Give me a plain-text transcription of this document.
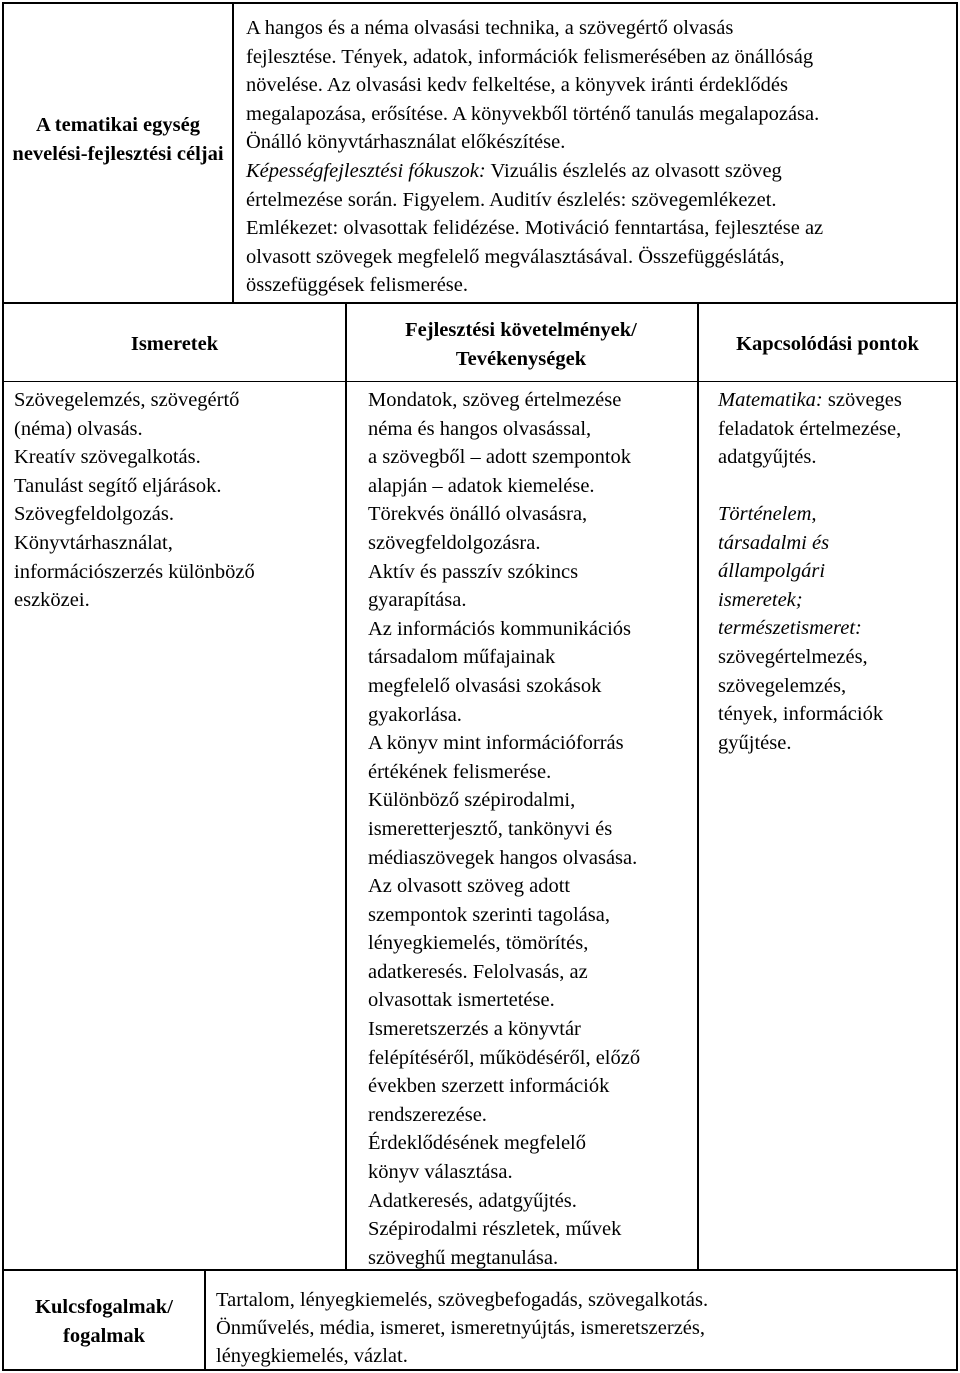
A tematikai egység nevelési-fejlesztési céljai
A hangos és a néma olvasási technika, a szövegértő olvasás
fejlesztése. Tények, adatok, információk felismerésében az önállóság
növelése. Az olvasási kedv felkeltése, a könyvek iránti érdeklődés
megalapozása, erősítése. A könyvekből történő tanulás megalapozása.
Önálló könyvtárhasználat előkészítése.
Képességfejlesztési fókuszok: Vizuális észlelés az olvasott szöveg
értelmezése során. Figyelem. Auditív észlelés: szövegemlékezet.
Emlékezet: olvasottak felidézése. Motiváció fenntartása, fejlesztése az
olvasott szövegek megfelelő megválasztásával. Összefüggéslátás,
összefüggések felismerése.
Ismeretek
Fejlesztési követelmények/ Tevékenységek
Kapcsolódási pontok
Szövegelemzés, szövegértő
(néma) olvasás.
Kreatív szövegalkotás.
Tanulást segítő eljárások.
Szövegfeldolgozás.
Könyvtárhasználat,
információszerzés különböző
eszközei.
Mondatok, szöveg értelmezése
néma és hangos olvasással,
a szövegből – adott szempontok
alapján – adatok kiemelése.
Törekvés önálló olvasásra,
szövegfeldolgozásra.
Aktív és passzív szókincs
gyarapítása.
Az információs kommunikációs
társadalom műfajainak
megfelelő olvasási szokások
gyakorlása.
A könyv mint információforrás
értékének felismerése.
Különböző szépirodalmi,
ismeretterjesztő, tankönyvi és
médiaszövegek hangos olvasása.
Az olvasott szöveg adott
szempontok szerinti tagolása,
lényegkiemelés, tömörítés,
adatkeresés. Felolvasás, az
olvasottak ismertetése.
Ismeretszerzés a könyvtár
felépítéséről, működéséről, előző
években szerzett információk
rendszerezése.
Érdeklődésének megfelelő
könyv választása.
Adatkeresés, adatgyűjtés.
Szépirodalmi részletek, művek
szöveghű megtanulása.
Matematika: szöveges
feladatok értelmezése,
adatgyűjtés.
Történelem,
társadalmi és
állampolgári
ismeretek;
természetismeret:
szövegértelmezés,
szövegelemzés,
tények, információk
gyűjtése.
Kulcsfogalmak/ fogalmak
Tartalom, lényegkiemelés, szövegbefogadás, szövegalkotás.
Önművelés, média, ismeret, ismeretnyújtás, ismeretszerzés,
lényegkiemelés, vázlat.
